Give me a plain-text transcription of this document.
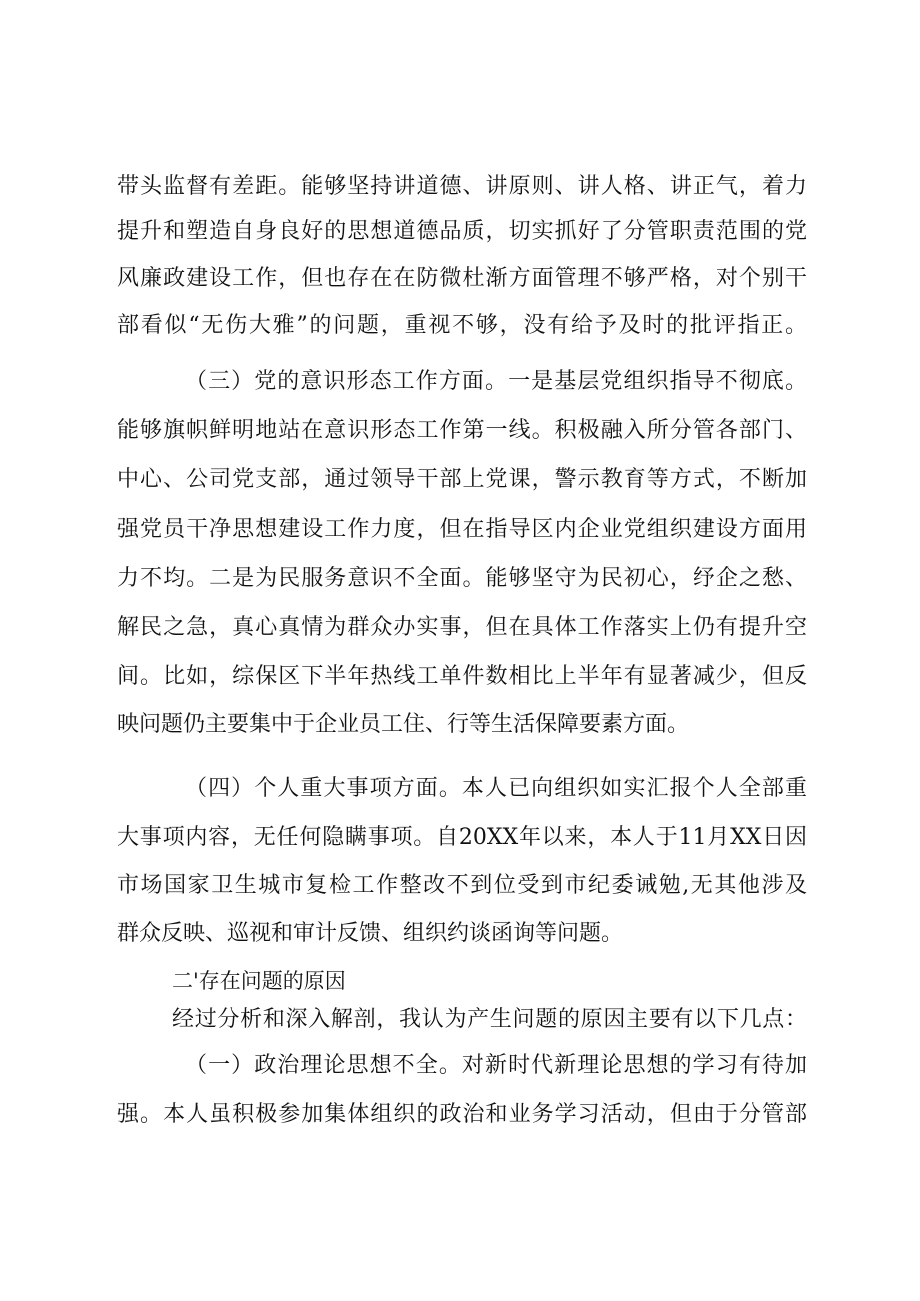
带头监督有差距。能够坚持讲道德、讲原则、讲人格、讲正气，着力
提升和塑造自身良好的思想道德品质，切实抓好了分管职责范围的党
风廉政建设工作，但也存在在防微杜渐方面管理不够严格，对个别干
部看似“无伤大雅”的问题，重视不够，没有给予及时的批评指正。
（三）党的意识形态工作方面。一是基层党组织指导不彻底。
能够旗帜鲜明地站在意识形态工作第一线。积极融入所分管各部门、
中心、公司党支部，通过领导干部上党课，警示教育等方式，不断加
强党员干净思想建设工作力度，但在指导区内企业党组织建设方面用
力不均。二是为民服务意识不全面。能够坚守为民初心，纾企之愁、
解民之急，真心真情为群众办实事，但在具体工作落实上仍有提升空
间。比如，综保区下半年热线工单件数相比上半年有显著减少，但反
映问题仍主要集中于企业员工住、行等生活保障要素方面。
（四）个人重大事项方面。本人已向组织如实汇报个人全部重
大事项内容，无任何隐瞒事项。自20XX年以来，本人于11月XX日因
市场国家卫生城市复检工作整改不到位受到市纪委诫勉,无其他涉及
群众反映、巡视和审计反馈、组织约谈函询等问题。
二'存在问题的原因
经过分析和深入解剖，我认为产生问题的原因主要有以下几点：
（一）政治理论思想不全。对新时代新理论思想的学习有待加
强。本人虽积极参加集体组织的政治和业务学习活动，但由于分管部
